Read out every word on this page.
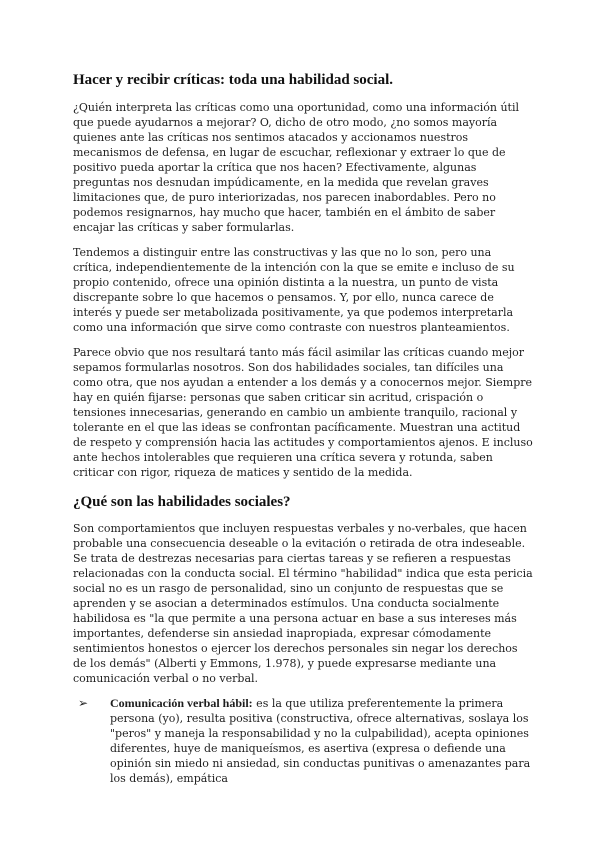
Hacer y recibir críticas: toda una habilidad social.

¿Quién interpreta las críticas como una oportunidad, como una información útil que puede ayudarnos a mejorar? O, dicho de otro modo, ¿no somos mayoría quienes ante las críticas nos sentimos atacados y accionamos nuestros mecanismos de defensa, en lugar de escuchar, reflexionar y extraer lo que de positivo pueda aportar la crítica que nos hacen? Efectivamente, algunas preguntas nos desnudan impúdicamente, en la medida que revelan graves limitaciones que, de puro interiorizadas, nos parecen inabordables. Pero no podemos resignarnos, hay mucho que hacer, también en el ámbito de saber encajar las críticas y saber formularlas.

Tendemos a distinguir entre las constructivas y las que no lo son, pero una crítica, independientemente de la intención con la que se emite e incluso de su propio contenido, ofrece una opinión distinta a la nuestra, un punto de vista discrepante sobre lo que hacemos o pensamos. Y, por ello, nunca carece de interés y puede ser metabolizada positivamente, ya que podemos interpretarla como una información que sirve como contraste con nuestros planteamientos.

Parece obvio que nos resultará tanto más fácil asimilar las críticas cuando mejor sepamos formularlas nosotros. Son dos habilidades sociales, tan difíciles una como otra, que nos ayudan a entender a los demás y a conocernos mejor. Siempre hay en quién fijarse: personas que saben criticar sin acritud, crispación o tensiones innecesarias, generando en cambio un ambiente tranquilo, racional y tolerante en el que las ideas se confrontan pacíficamente. Muestran una actitud de respeto y comprensión hacia las actitudes y comportamientos ajenos. E incluso ante hechos intolerables que requieren una crítica severa y rotunda, saben criticar con rigor, riqueza de matices y sentido de la medida.

¿Qué son las habilidades sociales?

Son comportamientos que incluyen respuestas verbales y no-verbales, que hacen probable una consecuencia deseable o la evitación o retirada de otra indeseable. Se trata de destrezas necesarias para ciertas tareas y se refieren a respuestas relacionadas con la conducta social. El término "habilidad" indica que esta pericia social no es un rasgo de personalidad, sino un conjunto de respuestas que se aprenden y se asocian a determinados estímulos. Una conducta socialmente habilidosa es "la que permite a una persona actuar en base a sus intereses más importantes, defenderse sin ansiedad inapropiada, expresar cómodamente sentimientos honestos o ejercer los derechos personales sin negar los derechos de los demás" (Alberti y Emmons, 1.978), y puede expresarse mediante una comunicación verbal o no verbal.

➢ Comunicación verbal hábil: es la que utiliza preferentemente la primera persona (yo), resulta positiva (constructiva, ofrece alternativas, soslaya los "peros" y maneja la responsabilidad y no la culpabilidad), acepta opiniones diferentes, huye de maniqueísmos, es asertiva (expresa o defiende una opinión sin miedo ni ansiedad, sin conductas punitivas o amenazantes para los demás), empática
